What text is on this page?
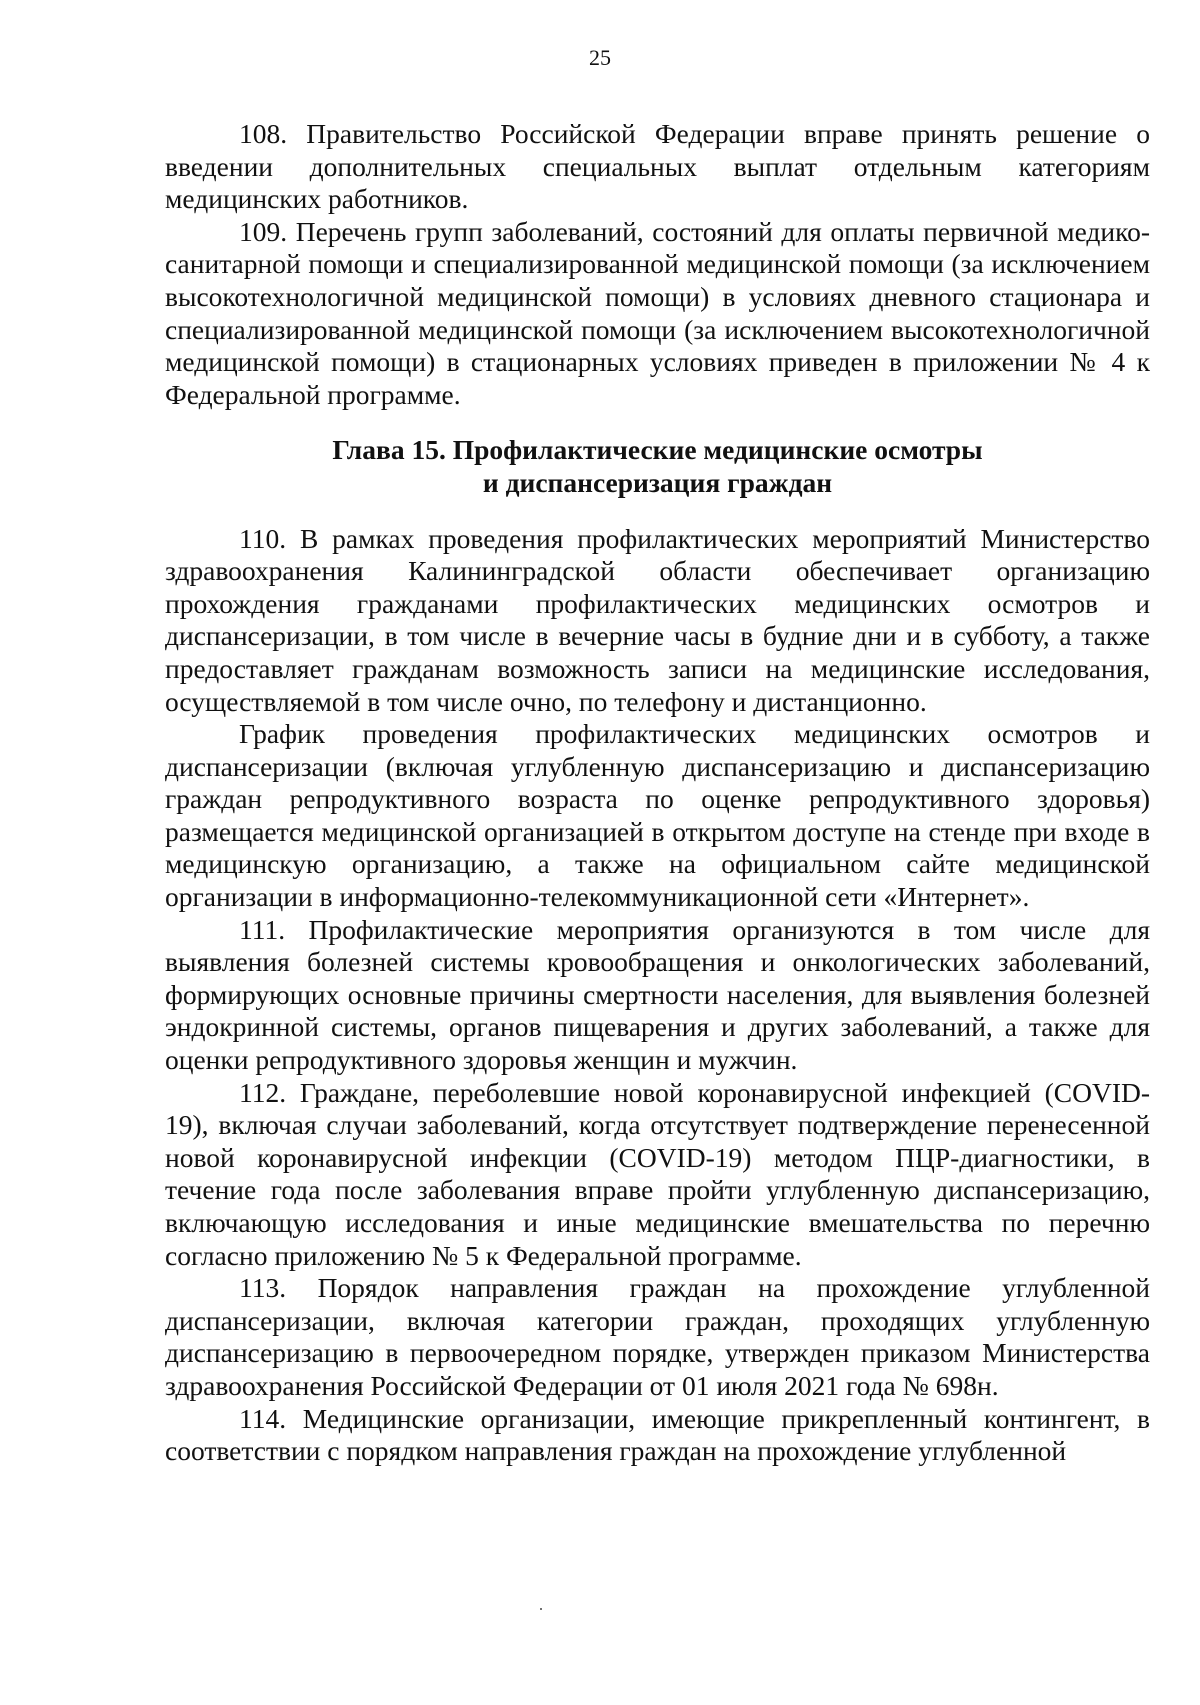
25

108. Правительство Российской Федерации вправе принять решение о введении дополнительных специальных выплат отдельным категориям медицинских работников.

109. Перечень групп заболеваний, состояний для оплаты первичной медико-санитарной помощи и специализированной медицинской помощи (за исключением высокотехнологичной медицинской помощи) в условиях дневного стационара и специализированной медицинской помощи (за исключением высокотехнологичной медицинской помощи) в стационарных условиях приведен в приложении № 4 к Федеральной программе.

Глава 15. Профилактические медицинские осмотры
и диспансеризация граждан

110. В рамках проведения профилактических мероприятий Министерство здравоохранения Калининградской области обеспечивает организацию прохождения гражданами профилактических медицинских осмотров и диспансеризации, в том числе в вечерние часы в будние дни и в субботу, а также предоставляет гражданам возможность записи на медицинские исследования, осуществляемой в том числе очно, по телефону и дистанционно.

График проведения профилактических медицинских осмотров и диспансеризации (включая углубленную диспансеризацию и диспансеризацию граждан репродуктивного возраста по оценке репродуктивного здоровья) размещается медицинской организацией в открытом доступе на стенде при входе в медицинскую организацию, а также на официальном сайте медицинской организации в информационно-телекоммуникационной сети «Интернет».

111. Профилактические мероприятия организуются в том числе для выявления болезней системы кровообращения и онкологических заболеваний, формирующих основные причины смертности населения, для выявления болезней эндокринной системы, органов пищеварения и других заболеваний, а также для оценки репродуктивного здоровья женщин и мужчин.

112. Граждане, переболевшие новой коронавирусной инфекцией (COVID-19), включая случаи заболеваний, когда отсутствует подтверждение перенесенной новой коронавирусной инфекции (COVID-19) методом ПЦР-диагностики, в течение года после заболевания вправе пройти углубленную диспансеризацию, включающую исследования и иные медицинские вмешательства по перечню согласно приложению № 5 к Федеральной программе.

113. Порядок направления граждан на прохождение углубленной диспансеризации, включая категории граждан, проходящих углубленную диспансеризацию в первоочередном порядке, утвержден приказом Министерства здравоохранения Российской Федерации от 01 июля 2021 года № 698н.

114. Медицинские организации, имеющие прикрепленный контингент, в соответствии с порядком направления граждан на прохождение углубленной
